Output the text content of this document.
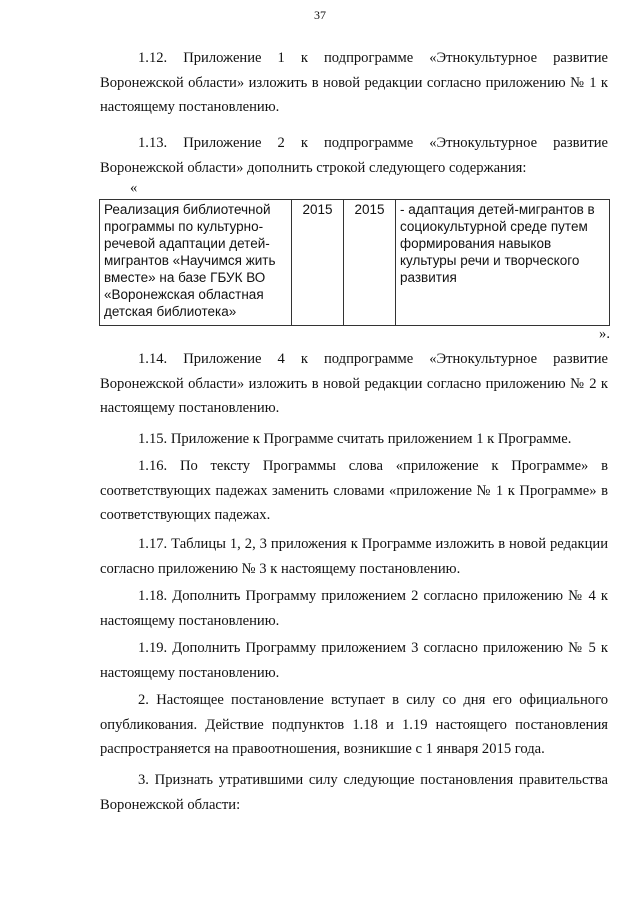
37

1.12. Приложение 1 к подпрограмме «Этнокультурное развитие Воронежской области» изложить в новой редакции согласно приложению № 1 к настоящему постановлению.

1.13. Приложение 2 к подпрограмме «Этнокультурное развитие Воронежской области» дополнить строкой следующего содержания:

«

Реализация библиотечной программы по культурно-речевой адаптации детей-мигрантов «Научимся жить вместе» на базе ГБУК ВО «Воронежская областная детская библиотека»	2015	2015	- адаптация детей-мигрантов в социокультурной среде путем формирования навыков культуры речи и творческого развития

».

1.14. Приложение 4 к подпрограмме «Этнокультурное развитие Воронежской области» изложить в новой редакции согласно приложению № 2 к настоящему постановлению.

1.15. Приложение к Программе считать приложением 1 к Программе.

1.16. По тексту Программы слова «приложение к Программе» в соответствующих падежах заменить словами «приложение № 1 к Программе» в соответствующих падежах.

1.17. Таблицы 1, 2, 3 приложения к Программе изложить в новой редакции согласно приложению № 3 к настоящему постановлению.

1.18. Дополнить Программу приложением 2 согласно приложению № 4 к настоящему постановлению.

1.19. Дополнить Программу приложением 3 согласно приложению № 5 к настоящему постановлению.

2. Настоящее постановление вступает в силу со дня его официального опубликования. Действие подпунктов 1.18 и 1.19 настоящего постановления распространяется на правоотношения, возникшие с 1 января 2015 года.

3. Признать утратившими силу следующие постановления правительства Воронежской области:
